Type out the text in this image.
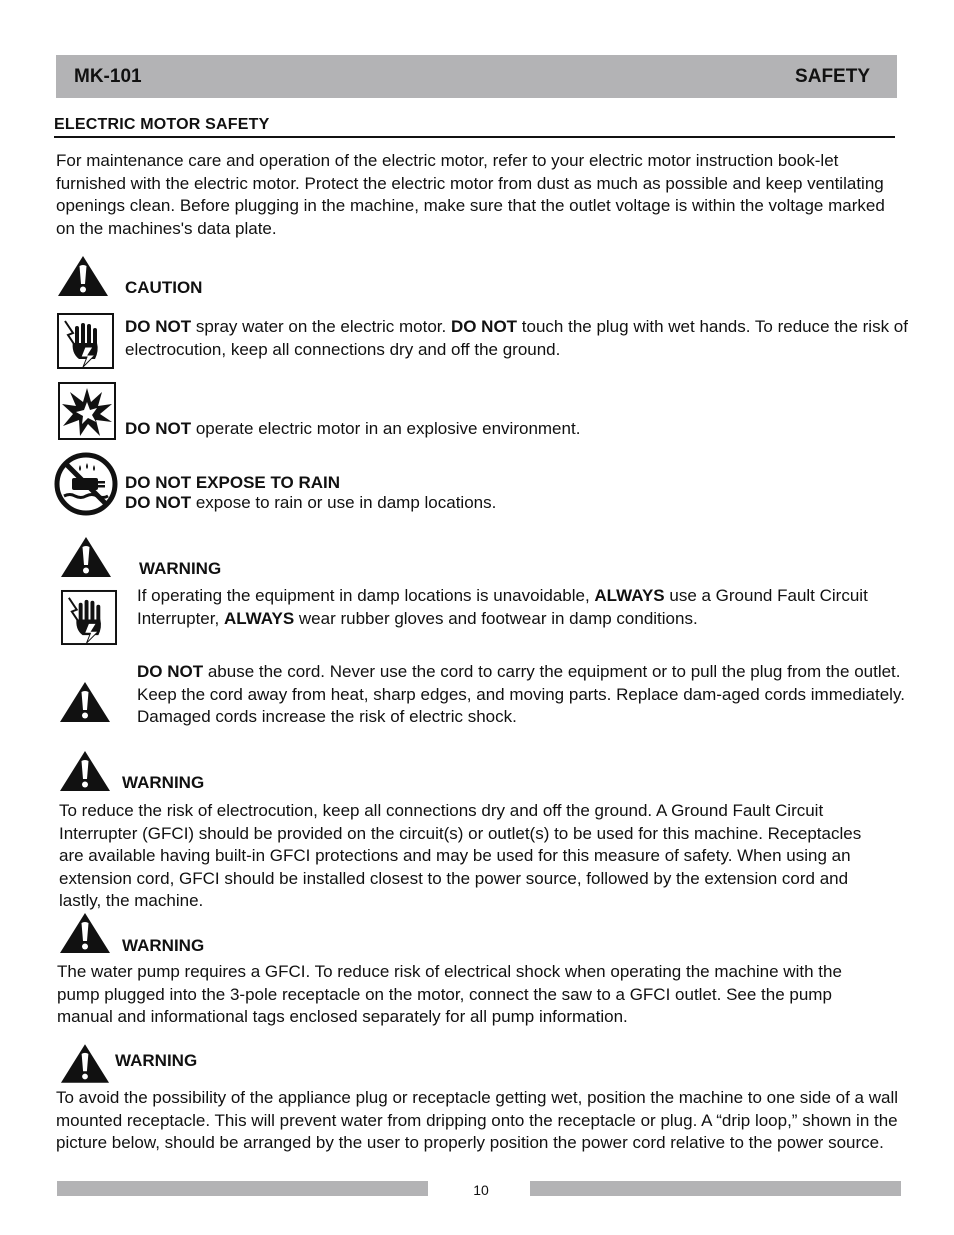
MK-101	SAFETY
ELECTRIC MOTOR SAFETY
For maintenance care and operation of the electric motor, refer to your electric motor instruction book-let furnished with the electric motor. Protect the electric motor from dust as much as possible and keep ventilating openings clean. Before plugging in the machine, make sure that the outlet voltage is within the voltage marked on the machines's data plate.
CAUTION
DO NOT spray water on the electric motor. DO NOT touch the plug with wet hands. To reduce the risk of electrocution, keep all connections dry and off the ground.
DO NOT operate electric motor in an explosive environment.
DO NOT EXPOSE TO RAIN
DO NOT expose to rain or use in damp locations.
WARNING
If operating the equipment in damp locations is unavoidable, ALWAYS use a Ground Fault Circuit Interrupter, ALWAYS wear rubber gloves and footwear in damp conditions.
DO NOT abuse the cord. Never use the cord to carry the equipment or to pull the plug from the outlet. Keep the cord away from heat, sharp edges, and moving parts. Replace dam-aged cords immediately. Damaged cords increase the risk of electric shock.
WARNING
To reduce the risk of electrocution, keep all connections dry and off the ground. A Ground Fault Circuit Interrupter (GFCI) should be provided on the circuit(s) or outlet(s) to be used for this machine. Receptacles are available having built-in GFCI protections and may be used for this measure of safety. When using an extension cord, GFCI should be installed closest to the power source, followed by the extension cord and lastly, the machine.
WARNING
The water pump requires a GFCI. To reduce risk of electrical shock when operating the machine with the pump plugged into the 3-pole receptacle on the motor, connect the saw to a GFCI outlet. See the pump manual and informational tags enclosed separately for all pump information.
WARNING
To avoid the possibility of the appliance plug or receptacle getting wet, position the machine to one side of a wall mounted receptacle. This will prevent water from dripping onto the receptacle or plug. A “drip loop,” shown in the picture below, should be arranged by the user to properly position the power cord relative to the power source.
10
